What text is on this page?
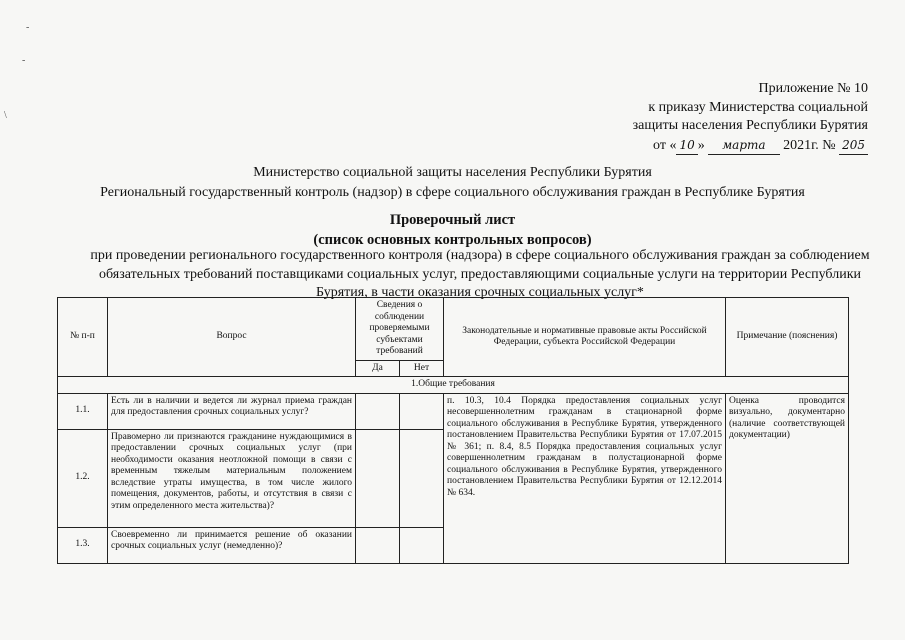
-
-
\
Приложение № 10
к приказу Министерства социальной
защиты населения Республики Бурятия
от « 10 » марта 2021г. № 205
Министерство социальной защиты населения Республики Бурятия
Региональный государственный контроль (надзор) в сфере социального обслуживания граждан в Республике Бурятия
Проверочный лист
(список основных контрольных вопросов)
при проведении регионального государственного контроля (надзора) в сфере социального обслуживания граждан за соблюдением обязательных требований поставщиками социальных услуг, предоставляющими социальные услуги на территории Республики Бурятия, в части оказания срочных социальных услуг*
№ п-п	Вопрос	Сведения о соблюдении проверяемыми субъектами требований		Законодательные и нормативные правовые акты Российской Федерации, субъекта Российской Федерации	Примечание (пояснения)
		Да	Нет		
1.Общие требования					
1.1.	Есть ли в наличии и ведется ли журнал приема граждан для предоставления срочных социальных услуг?			п. 10.3, 10.4 Порядка предоставления социальных услуг несовершеннолетним гражданам в стационарной форме социального обслуживания в Республике Бурятия, утвержденного постановлением Правительства Республики Бурятия от 17.07.2015 № 361; п. 8.4, 8.5 Порядка предоставления социальных услуг совершеннолетним гражданам в полустационарной форме социального обслуживания в Республике Бурятия, утвержденного постановлением Правительства Республики Бурятия от 12.12.2014 № 634.	Оценка проводится визуально, документарно (наличие соответствующей документации)
1.2.	Правомерно ли признаются гражданине нуждающимися в предоставлении срочных социальных услуг (при необходимости оказания неотложной помощи в связи с временным тяжелым материальным положением вследствие утраты имущества, в том числе жилого помещения, документов, работы, и отсутствия в связи с этим определенного места жительства)?				
1.3.	Своевременно ли принимается решение об оказании срочных социальных услуг (немедленно)?				
